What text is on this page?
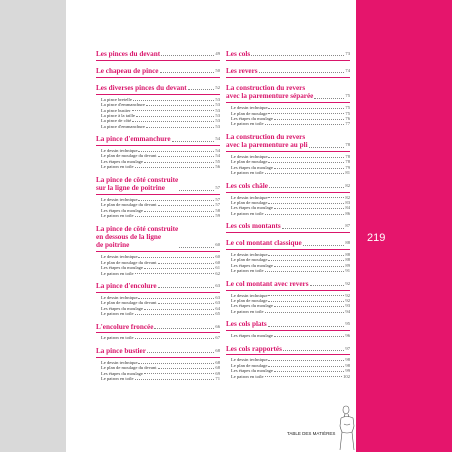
219
Les pinces du devant	49
Le chapeau de pince	50
Les diverses pinces du devant	52
La pince bretelle	53
La pince d'emmanchure	53
La pince bustier	53
La pince à la taille	53
La pince de côté	53
La pince d'emmanchure	53
La pince d'emmanchure	54
Le dessin technique	54
Le plan de moulage du devant	54
Les étapes du moulage	55
Le patron en toile	56
La pince de côté construite
sur la ligne de poitrine	57
Le dessin technique	57
Le plan de moulage du devant	57
Les étapes du moulage	58
Le patron en toile	59
La pince de côté construite
en dessous de la ligne
de poitrine	60
Le dessin technique	60
Le plan de moulage du devant	60
Les étapes du moulage	61
Le patron en toile	62
La pince d'encolure	63
Le dessin technique	63
Le plan de moulage du devant	63
Les étapes du moulage	64
Le patron en toile	65
L'encolure froncée	66
Le patron en toile	67
La pince bustier	68
Le dessin technique	68
Le plan de moulage du devant	68
Les étapes du moulage	69
Le patron en toile	71
Les cols	73
Les revers	74
La construction du revers
avec la parementure séparée	75
Le dessin technique	75
Le plan de moulage	75
Les étapes du moulage	76
Le patron en toile	77
La construction du revers
avec la parementure au pli	78
Le dessin technique	78
Le plan de moulage	78
Les étapes du moulage	79
Le patron en toile	81
Les cols châle	82
Le dessin technique	82
Le plan de moulage	83
Les étapes du moulage	84
Le patron en toile	86
Les cols montants	87
Le col montant classique	88
Le dessin technique	88
Le plan de moulage	88
Les étapes du moulage	89
Le patron en toile	91
Le col montant avec revers	92
Le dessin technique	92
Le plan de moulage	92
Les étapes du moulage	93
Le patron en toile	94
Les cols plats	95
Les étapes du moulage	96
Les cols rapportés	97
Le dessin technique	98
Le plan de moulage	98
Les étapes du moulage	99
Le patron en toile	102
TABLE DES MATIÈRES
